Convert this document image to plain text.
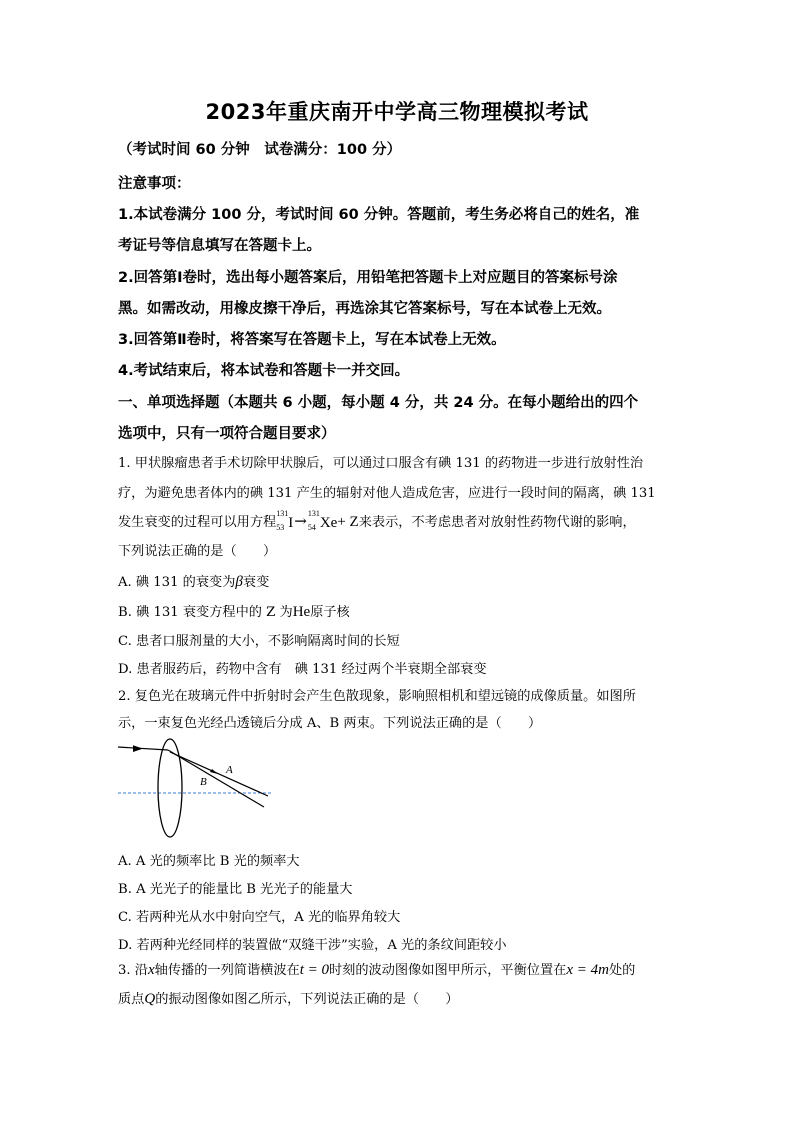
2023年重庆南开中学高三物理模拟考试
（考试时间 60 分钟　试卷满分：100 分）
注意事项：
1.本试卷满分 100 分，考试时间 60 分钟。答题前，考生务必将自己的姓名，准
考证号等信息填写在答题卡上。
2.回答第Ⅰ卷时，选出每小题答案后，用铅笔把答题卡上对应题目的答案标号涂
黑。如需改动，用橡皮擦干净后，再选涂其它答案标号，写在本试卷上无效。
3.回答第Ⅱ卷时，将答案写在答题卡上，写在本试卷上无效。
4.考试结束后，将本试卷和答题卡一并交回。
一、单项选择题（本题共 6 小题，每小题 4 分，共 24 分。在每小题给出的四个
选项中，只有一项符合题目要求）
1. 甲状腺瘤患者手术切除甲状腺后，可以通过口服含有碘 131 的药物进一步进行放射性治
疗，为避免患者体内的碘 131 产生的辐射对他人造成危害，应进行一段时间的隔离，碘 131
发生衰变的过程可以用方程
131
53 I→ 131
54 Xe+ Z来表示，不考虑患者对放射性药物代谢的影响，
下列说法正确的是（　　）
A. 碘 131 的衰变为β衰变
B. 碘 131 衰变方程中的 Z 为He原子核
C. 患者口服剂量的大小，不影响隔离时间的长短
D. 患者服药后，药物中含有　碘 131 经过两个半衰期全部衰变
2. 复色光在玻璃元件中折射时会产生色散现象，影响照相机和望远镜的成像质量。如图所
示，一束复色光经凸透镜后分成 A、B 两束。下列说法正确的是（　　）
A
B
A. A 光的频率比 B 光的频率大
B. A 光光子的能量比 B 光光子的能量大
C. 若两种光从水中射向空气，A 光的临界角较大
D. 若两种光经同样的装置做“双缝干涉”实验，A 光的条纹间距较小
3. 沿x轴传播的一列简谐横波在t = 0时刻的波动图像如图甲所示，平衡位置在x = 4m处的
质点Q的振动图像如图乙所示，下列说法正确的是（　　）
